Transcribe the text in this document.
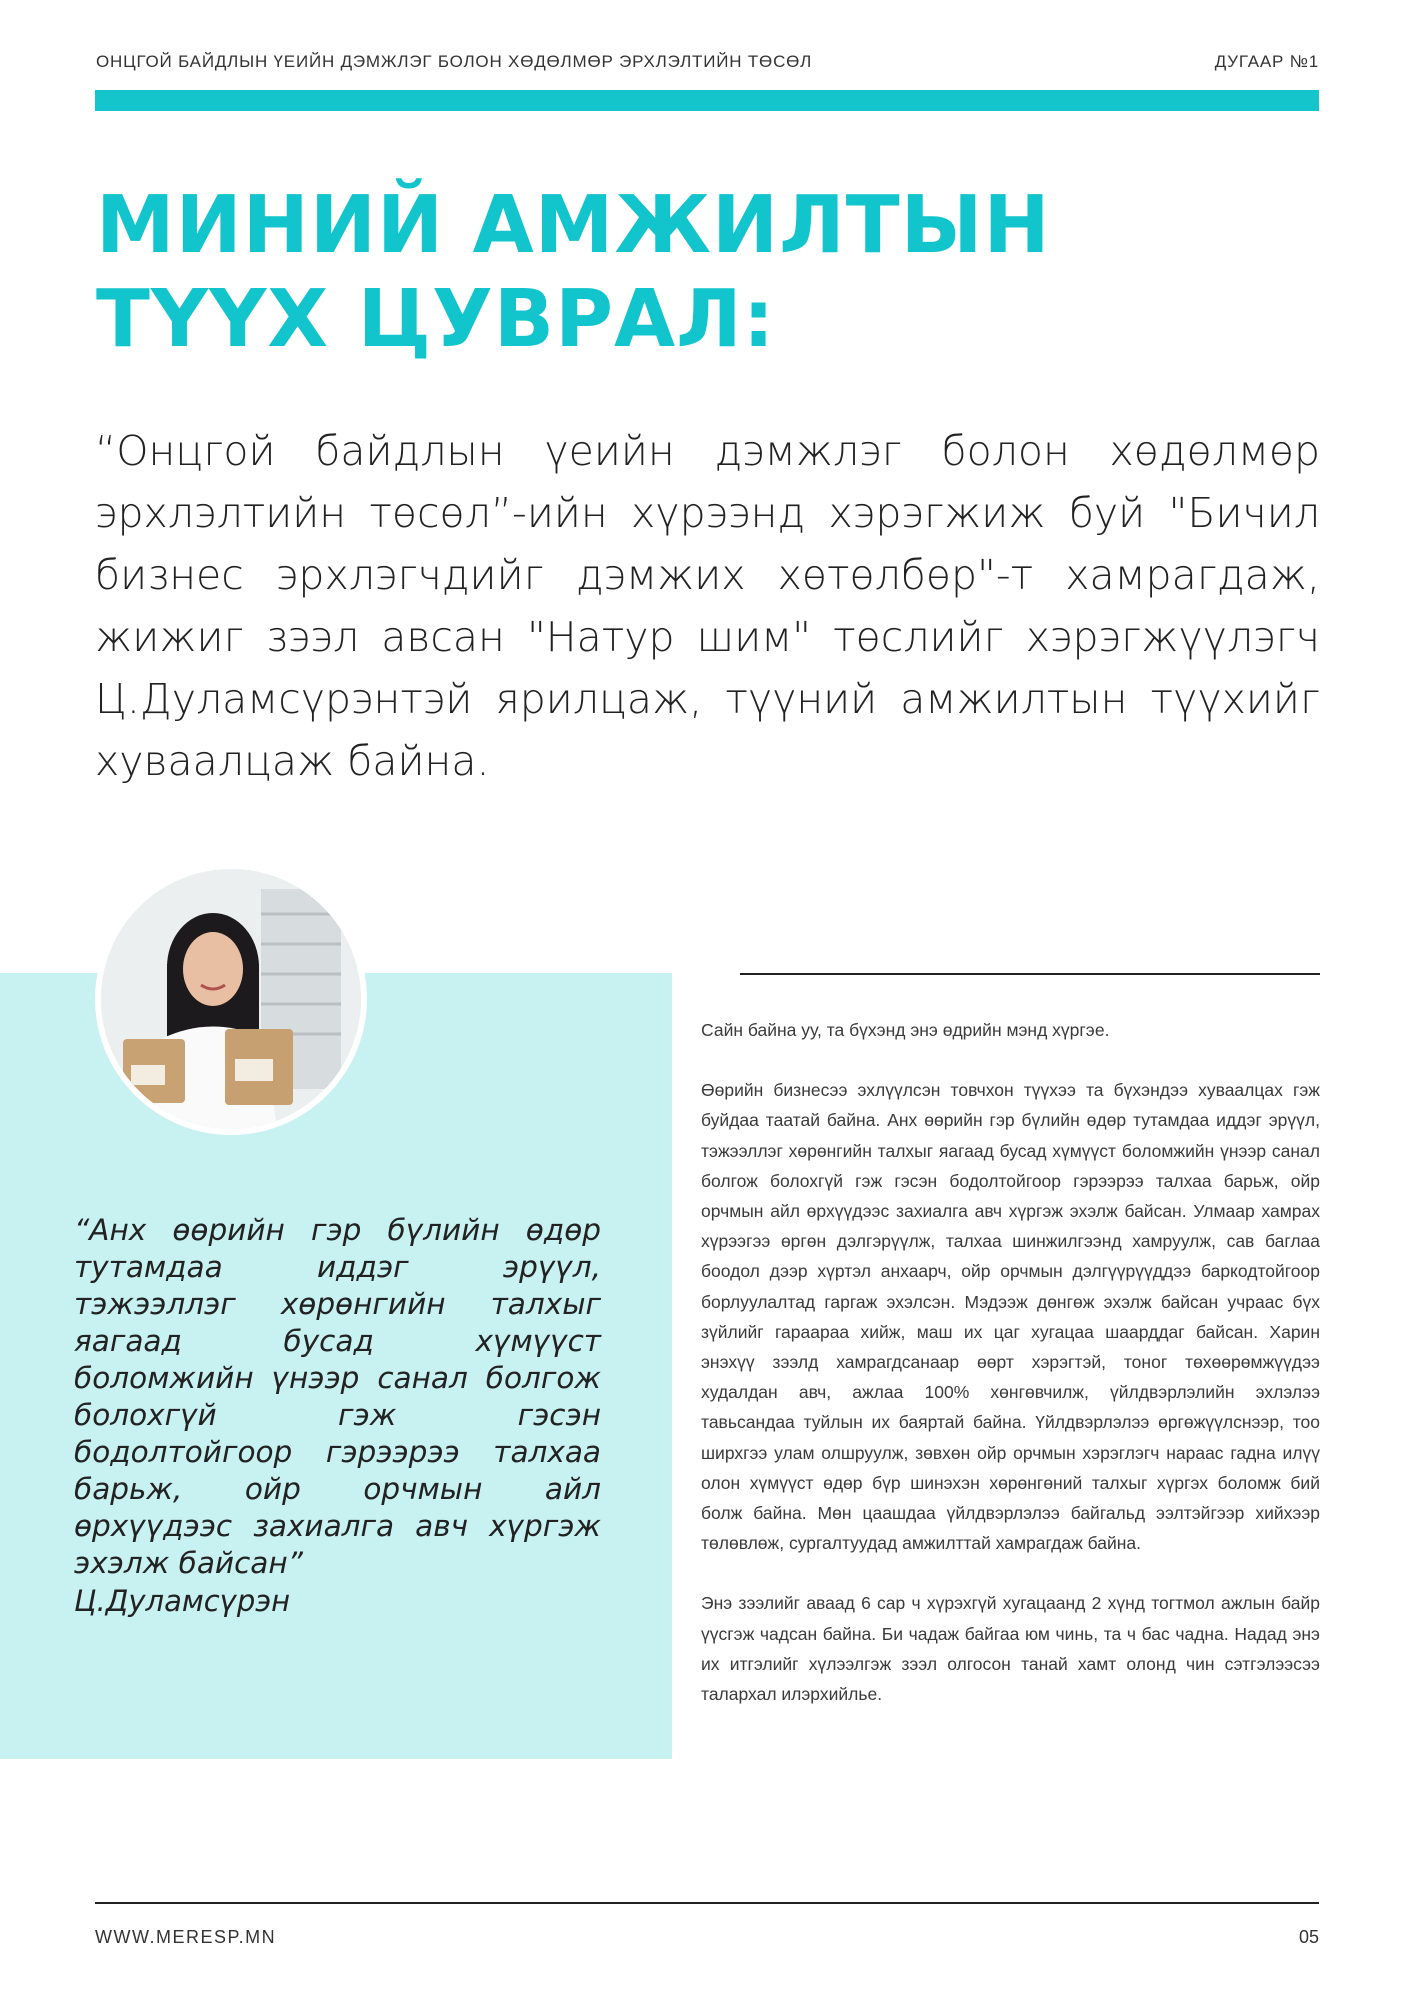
ОНЦГОЙ БАЙДЛЫН ҮЕИЙН ДЭМЖЛЭГ БОЛОН ХӨДӨЛМӨР ЭРХЛЭЛТИЙН ТӨСӨЛ	ДУГААР №1
МИНИЙ АМЖИЛТЫН
ТҮҮХ ЦУВРАЛ:
“Онцгой байдлын үеийн дэмжлэг болон хөдөлмөр эрхлэлтийн төсөл”-ийн хүрээнд хэрэгжиж буй "Бичил бизнес эрхлэгчдийг дэмжих хөтөлбөр"-т хамрагдаж, жижиг зээл авсан "Натур шим" төслийг хэрэгжүүлэгч Ц.Дуламсүрэнтэй ярилцаж, түүний амжилтын түүхийг хуваалцаж байна.
“Анх өөрийн гэр бүлийн өдөр тутамдаа иддэг эрүүл, тэжээллэг хөрөнгийн талхыг яагаад бусад хүмүүст боломжийн үнээр санал болгож болохгүй гэж гэсэн бодолтойгоор гэрээрээ талхаа барьж, ойр орчмын айл өрхүүдээс захиалга авч хүргэж эхэлж байсан”
Ц.Дуламсүрэн

Сайн байна уу, та бүхэнд энэ өдрийн мэнд хүргэе.

Өөрийн бизнесээ эхлүүлсэн товчхон түүхээ та бүхэндээ хуваалцах гэж буйдаа таатай байна. Анх өөрийн гэр бүлийн өдөр тутамдаа иддэг эрүүл, тэжээллэг хөрөнгийн талхыг яагаад бусад хүмүүст боломжийн үнээр санал болгож болохгүй гэж гэсэн бодолтойгоор гэрээрээ талхаа барьж, ойр орчмын айл өрхүүдээс захиалга авч хүргэж эхэлж байсан. Улмаар хамрах хүрээгээ өргөн дэлгэрүүлж, талхаа шинжилгээнд хамруулж, сав баглаа боодол дээр хүртэл анхаарч, ойр орчмын дэлгүүрүүддээ баркодтойгоор борлуулалтад гаргаж эхэлсэн. Мэдээж дөнгөж эхэлж байсан учраас бүх зүйлийг гараараа хийж, маш их цаг хугацаа шаарддаг байсан. Харин энэхүү зээлд хамрагдсанаар өөрт хэрэгтэй, тоног төхөөрөмжүүдээ худалдан авч, ажлаа 100% хөнгөвчилж, үйлдвэрлэлийн эхлэлээ тавьсандаа туйлын их баяртай байна. Үйлдвэрлэлээ өргөжүүлснээр, тоо ширхгээ улам олшруулж, зөвхөн ойр орчмын хэрэглэгч нараас гадна илүү олон хүмүүст өдөр бүр шинэхэн хөрөнгөний талхыг хүргэх боломж бий болж байна. Мөн цаашдаа үйлдвэрлэлээ байгальд ээлтэйгээр хийхээр төлөвлөж, сургалтуудад амжилттай хамрагдаж байна.

Энэ зээлийг аваад 6 сар ч хүрэхгүй хугацаанд 2 хүнд тогтмол ажлын байр үүсгэж чадсан байна. Би чадаж байгаа юм чинь, та ч бас чадна. Надад энэ их итгэлийг хүлээлгэж зээл олгосон танай хамт олонд чин сэтгэлээсээ талархал илэрхийлье.

WWW.MERESP.MN	05
